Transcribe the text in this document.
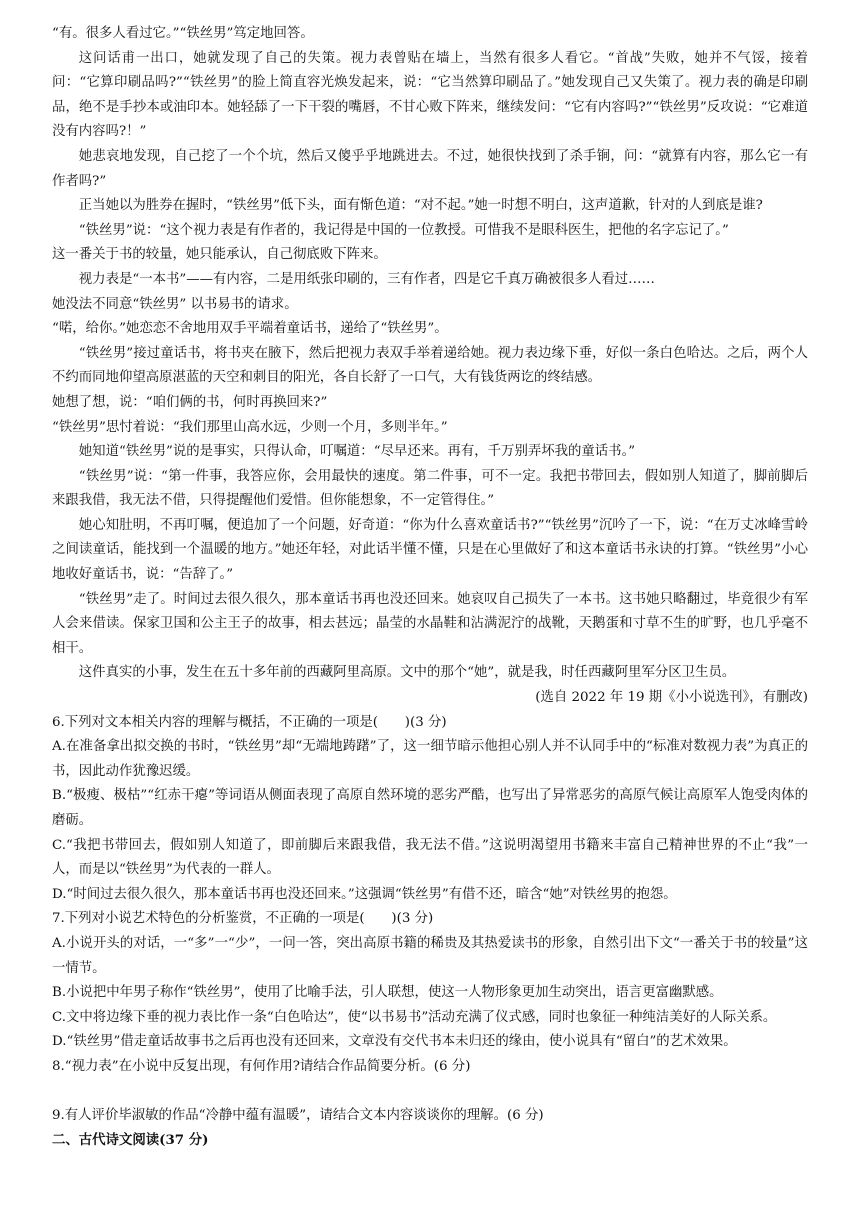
“有。很多人看过它。”“铁丝男”笃定地回答。

这问话甫一出口，她就发现了自己的失策。视力表曾贴在墙上，当然有很多人看它。“首战”失败，她并不气馁，接着问：“它算印刷品吗?”“铁丝男”的脸上简直容光焕发起来，说：“它当然算印刷品了。”她发现自己又失策了。视力表的确是印刷品，绝不是手抄本或油印本。她轻舔了一下干裂的嘴唇，不甘心败下阵来，继续发问：“它有内容吗?”“铁丝男”反攻说：“它难道没有内容吗?！”

她悲哀地发现，自己挖了一个个坑，然后又傻乎乎地跳进去。不过，她很快找到了杀手锏，问：“就算有内容，那么它一有作者吗?”

正当她以为胜券在握时，“铁丝男”低下头，面有惭色道：“对不起。”她一时想不明白，这声道歉，针对的人到底是谁?

“铁丝男”说：“这个视力表是有作者的，我记得是中国的一位教授。可惜我不是眼科医生，把他的名字忘记了。”

这一番关于书的较量，她只能承认，自己彻底败下阵来。

视力表是“一本书”——有内容，二是用纸张印刷的，三有作者，四是它千真万确被很多人看过……

她没法不同意“铁丝男” 以书易书的请求。

“喏，给你。”她恋恋不舍地用双手平端着童话书，递给了“铁丝男”。

“铁丝男”接过童话书，将书夹在腋下，然后把视力表双手举着递给她。视力表边缘下垂，好似一条白色哈达。之后，两个人不约而同地仰望高原湛蓝的天空和刺目的阳光，各自长舒了一口气，大有钱货两讫的终结感。

她想了想，说：“咱们俩的书，何时再换回来?”

“铁丝男”思忖着说：“我们那里山高水远，少则一个月，多则半年。”

她知道“铁丝男”说的是事实，只得认命，叮嘱道：“尽早还来。再有，千万别弄坏我的童话书。”

“铁丝男”说：“第一件事，我答应你，会用最快的速度。第二件事，可不一定。我把书带回去，假如别人知道了，脚前脚后来跟我借，我无法不借，只得提醒他们爱惜。但你能想象，不一定管得住。”

她心知肚明，不再叮嘱，便追加了一个问题，好奇道：“你为什么喜欢童话书?”“铁丝男”沉吟了一下，说：“在万丈冰峰雪岭之间读童话，能找到一个温暖的地方。”她还年轻，对此话半懂不懂，只是在心里做好了和这本童话书永诀的打算。“铁丝男”小心地收好童话书，说：“告辞了。”

“铁丝男”走了。时间过去很久很久，那本童话书再也没还回来。她哀叹自己损失了一本书。这书她只略翻过，毕竟很少有军人会来借读。保家卫国和公主王子的故事，相去甚远；晶莹的水晶鞋和沾满泥泞的战靴，天鹅蛋和寸草不生的旷野，也几乎毫不相干。

这件真实的小事，发生在五十多年前的西藏阿里高原。文中的那个“她”，就是我，时任西藏阿里军分区卫生员。

(选自 2022 年 19 期《小小说选刊》，有删改)

6.下列对文本相关内容的理解与概括，不正确的一项是(　　)(3 分)

A.在准备拿出拟交换的书时，“铁丝男”却“无端地踌躇”了，这一细节暗示他担心别人并不认同手中的“标准对数视力表”为真正的书，因此动作犹豫迟缓。

B.“极瘦、极枯”“红赤干瘪”等词语从侧面表现了高原自然环境的恶劣严酷，也写出了异常恶劣的高原气候让高原军人饱受肉体的磨砺。

C.“我把书带回去，假如别人知道了，即前脚后来跟我借，我无法不借。”这说明渴望用书籍来丰富自己精神世界的不止“我”一人，而是以“铁丝男”为代表的一群人。

D.“时间过去很久很久，那本童话书再也没还回来。”这强调“铁丝男”有借不还，暗含“她”对铁丝男的抱怨。

7.下列对小说艺术特色的分析鉴赏，不正确的一项是(　　)(3 分)

A.小说开头的对话，一“多”一“少”，一问一答，突出高原书籍的稀贵及其热爱读书的形象，自然引出下文“一番关于书的较量”这一情节。

B.小说把中年男子称作“铁丝男”，使用了比喻手法，引人联想，使这一人物形象更加生动突出，语言更富幽默感。

C.文中将边缘下垂的视力表比作一条“白色哈达”，使“以书易书”活动充满了仪式感，同时也象征一种纯洁美好的人际关系。

D.“铁丝男”借走童话故事书之后再也没有还回来，文章没有交代书本未归还的缘由，使小说具有“留白”的艺术效果。

8.“视力表”在小说中反复出现，有何作用?请结合作品简要分析。(6 分)

9.有人评价毕淑敏的作品“冷静中蕴有温暖”，请结合文本内容谈谈你的理解。(6 分)

二、古代诗文阅读(37 分)
